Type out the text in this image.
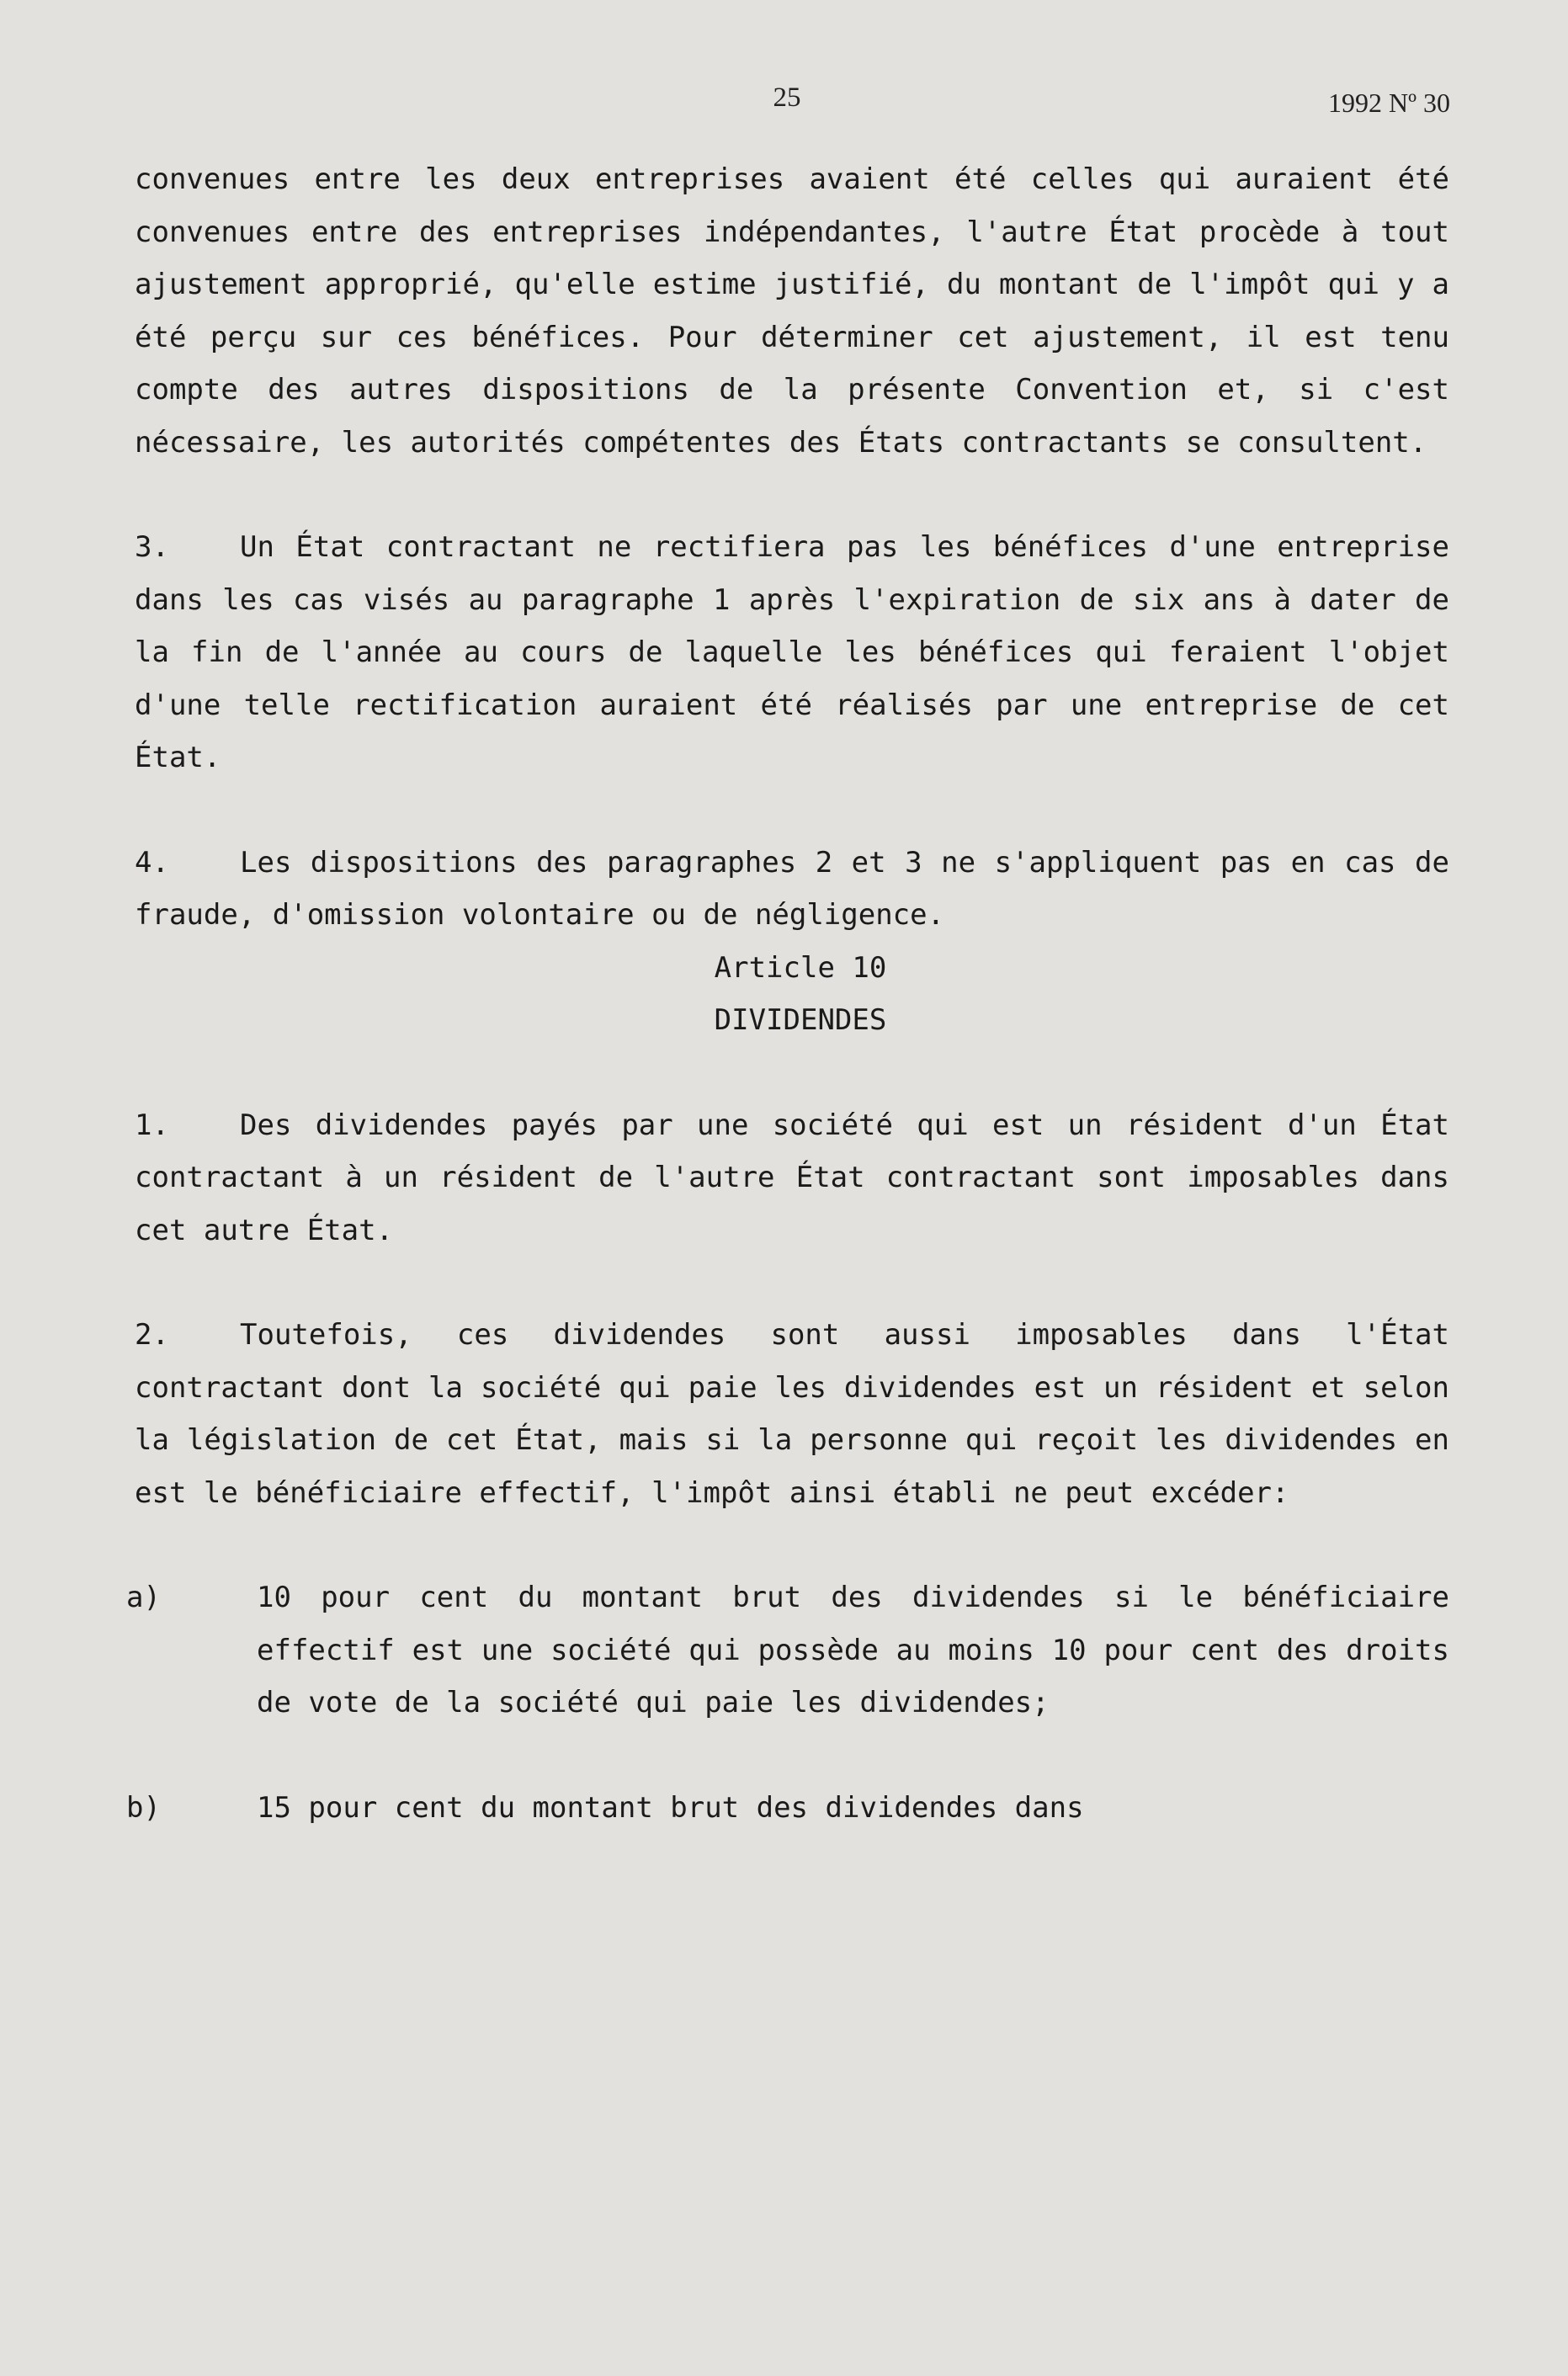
25	1992 Nº 30

convenues entre les deux entreprises avaient été celles qui auraient été convenues entre des entreprises indépendantes, l'autre État procède à tout ajustement approprié, qu'elle estime justifié, du montant de l'impôt qui y a été perçu sur ces bénéfices. Pour déterminer cet ajustement, il est tenu compte des autres dispositions de la présente Convention et, si c'est nécessaire, les autorités compétentes des États contractants se consultent.

3. Un État contractant ne rectifiera pas les bénéfices d'une entreprise dans les cas visés au paragraphe 1 après l'expiration de six ans à dater de la fin de l'année au cours de laquelle les bénéfices qui feraient l'objet d'une telle rectification auraient été réalisés par une entreprise de cet État.

4. Les dispositions des paragraphes 2 et 3 ne s'appliquent pas en cas de fraude, d'omission volontaire ou de négligence.

Article 10

DIVIDENDES

1. Des dividendes payés par une société qui est un résident d'un État contractant à un résident de l'autre État contractant sont imposables dans cet autre État.

2. Toutefois, ces dividendes sont aussi imposables dans l'État contractant dont la société qui paie les dividendes est un résident et selon la législation de cet État, mais si la personne qui reçoit les dividendes en est le bénéficiaire effectif, l'impôt ainsi établi ne peut excéder:

a)	10 pour cent du montant brut des dividendes si le bénéficiaire effectif est une société qui possède au moins 10 pour cent des droits de vote de la société qui paie les dividendes;
b)	15 pour cent du montant brut des dividendes dans
